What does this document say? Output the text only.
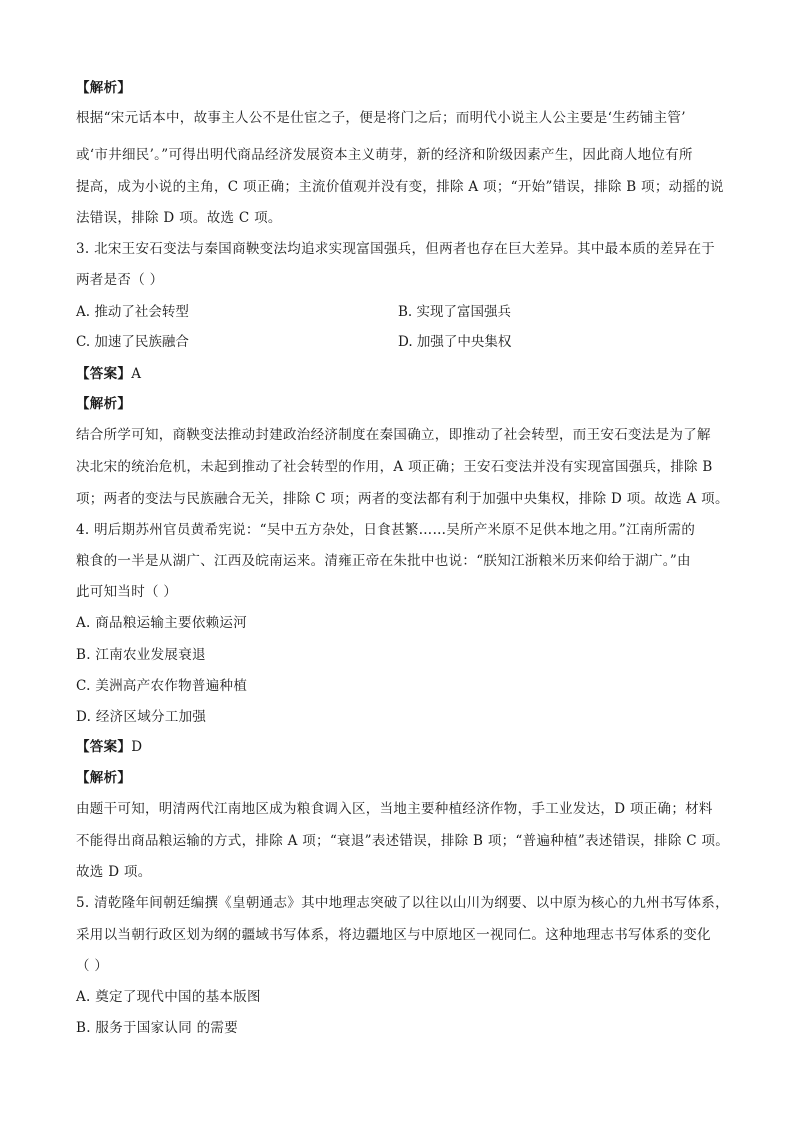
【解析】
根据“宋元话本中，故事主人公不是仕宦之子，便是将门之后；而明代小说主人公主要是‘生药铺主管’
或‘市井细民’。”可得出明代商品经济发展资本主义萌芽，新的经济和阶级因素产生，因此商人地位有所
提高，成为小说的主角，C 项正确；主流价值观并没有变，排除 A 项；“开始”错误，排除 B 项；动摇的说
法错误，排除 D 项。故选 C 项。
3. 北宋王安石变法与秦国商鞅变法均追求实现富国强兵，但两者也存在巨大差异。其中最本质的差异在于
两者是否（ ）
A. 推动了社会转型	B. 实现了富国强兵
C. 加速了民族融合	D. 加强了中央集权
【答案】A
【解析】
结合所学可知，商鞅变法推动封建政治经济制度在秦国确立，即推动了社会转型，而王安石变法是为了解
决北宋的统治危机，未起到推动了社会转型的作用，A 项正确；王安石变法并没有实现富国强兵，排除 B
项；两者的变法与民族融合无关，排除 C 项；两者的变法都有利于加强中央集权，排除 D 项。故选 A 项。
4. 明后期苏州官员黄希宪说：“吴中五方杂处，日食甚繁……吴所产米原不足供本地之用。”江南所需的
粮食的一半是从湖广、江西及皖南运来。清雍正帝在朱批中也说：“朕知江浙粮米历来仰给于湖广。”由
此可知当时（ ）
A. 商品粮运输主要依赖运河
B. 江南农业发展衰退
C. 美洲高产农作物普遍种植
D. 经济区域分工加强
【答案】D
【解析】
由题干可知，明清两代江南地区成为粮食调入区，当地主要种植经济作物，手工业发达，D 项正确；材料
不能得出商品粮运输的方式，排除 A 项；“衰退”表述错误，排除 B 项；“普遍种植”表述错误，排除 C 项。
故选 D 项。
5. 清乾隆年间朝廷编撰《皇朝通志》其中地理志突破了以往以山川为纲要、以中原为核心的九州书写体系，
采用以当朝行政区划为纲的疆域书写体系，将边疆地区与中原地区一视同仁。这种地理志书写体系的变化
（ ）
A. 奠定了现代中国的基本版图
B. 服务于国家认同 的需要
